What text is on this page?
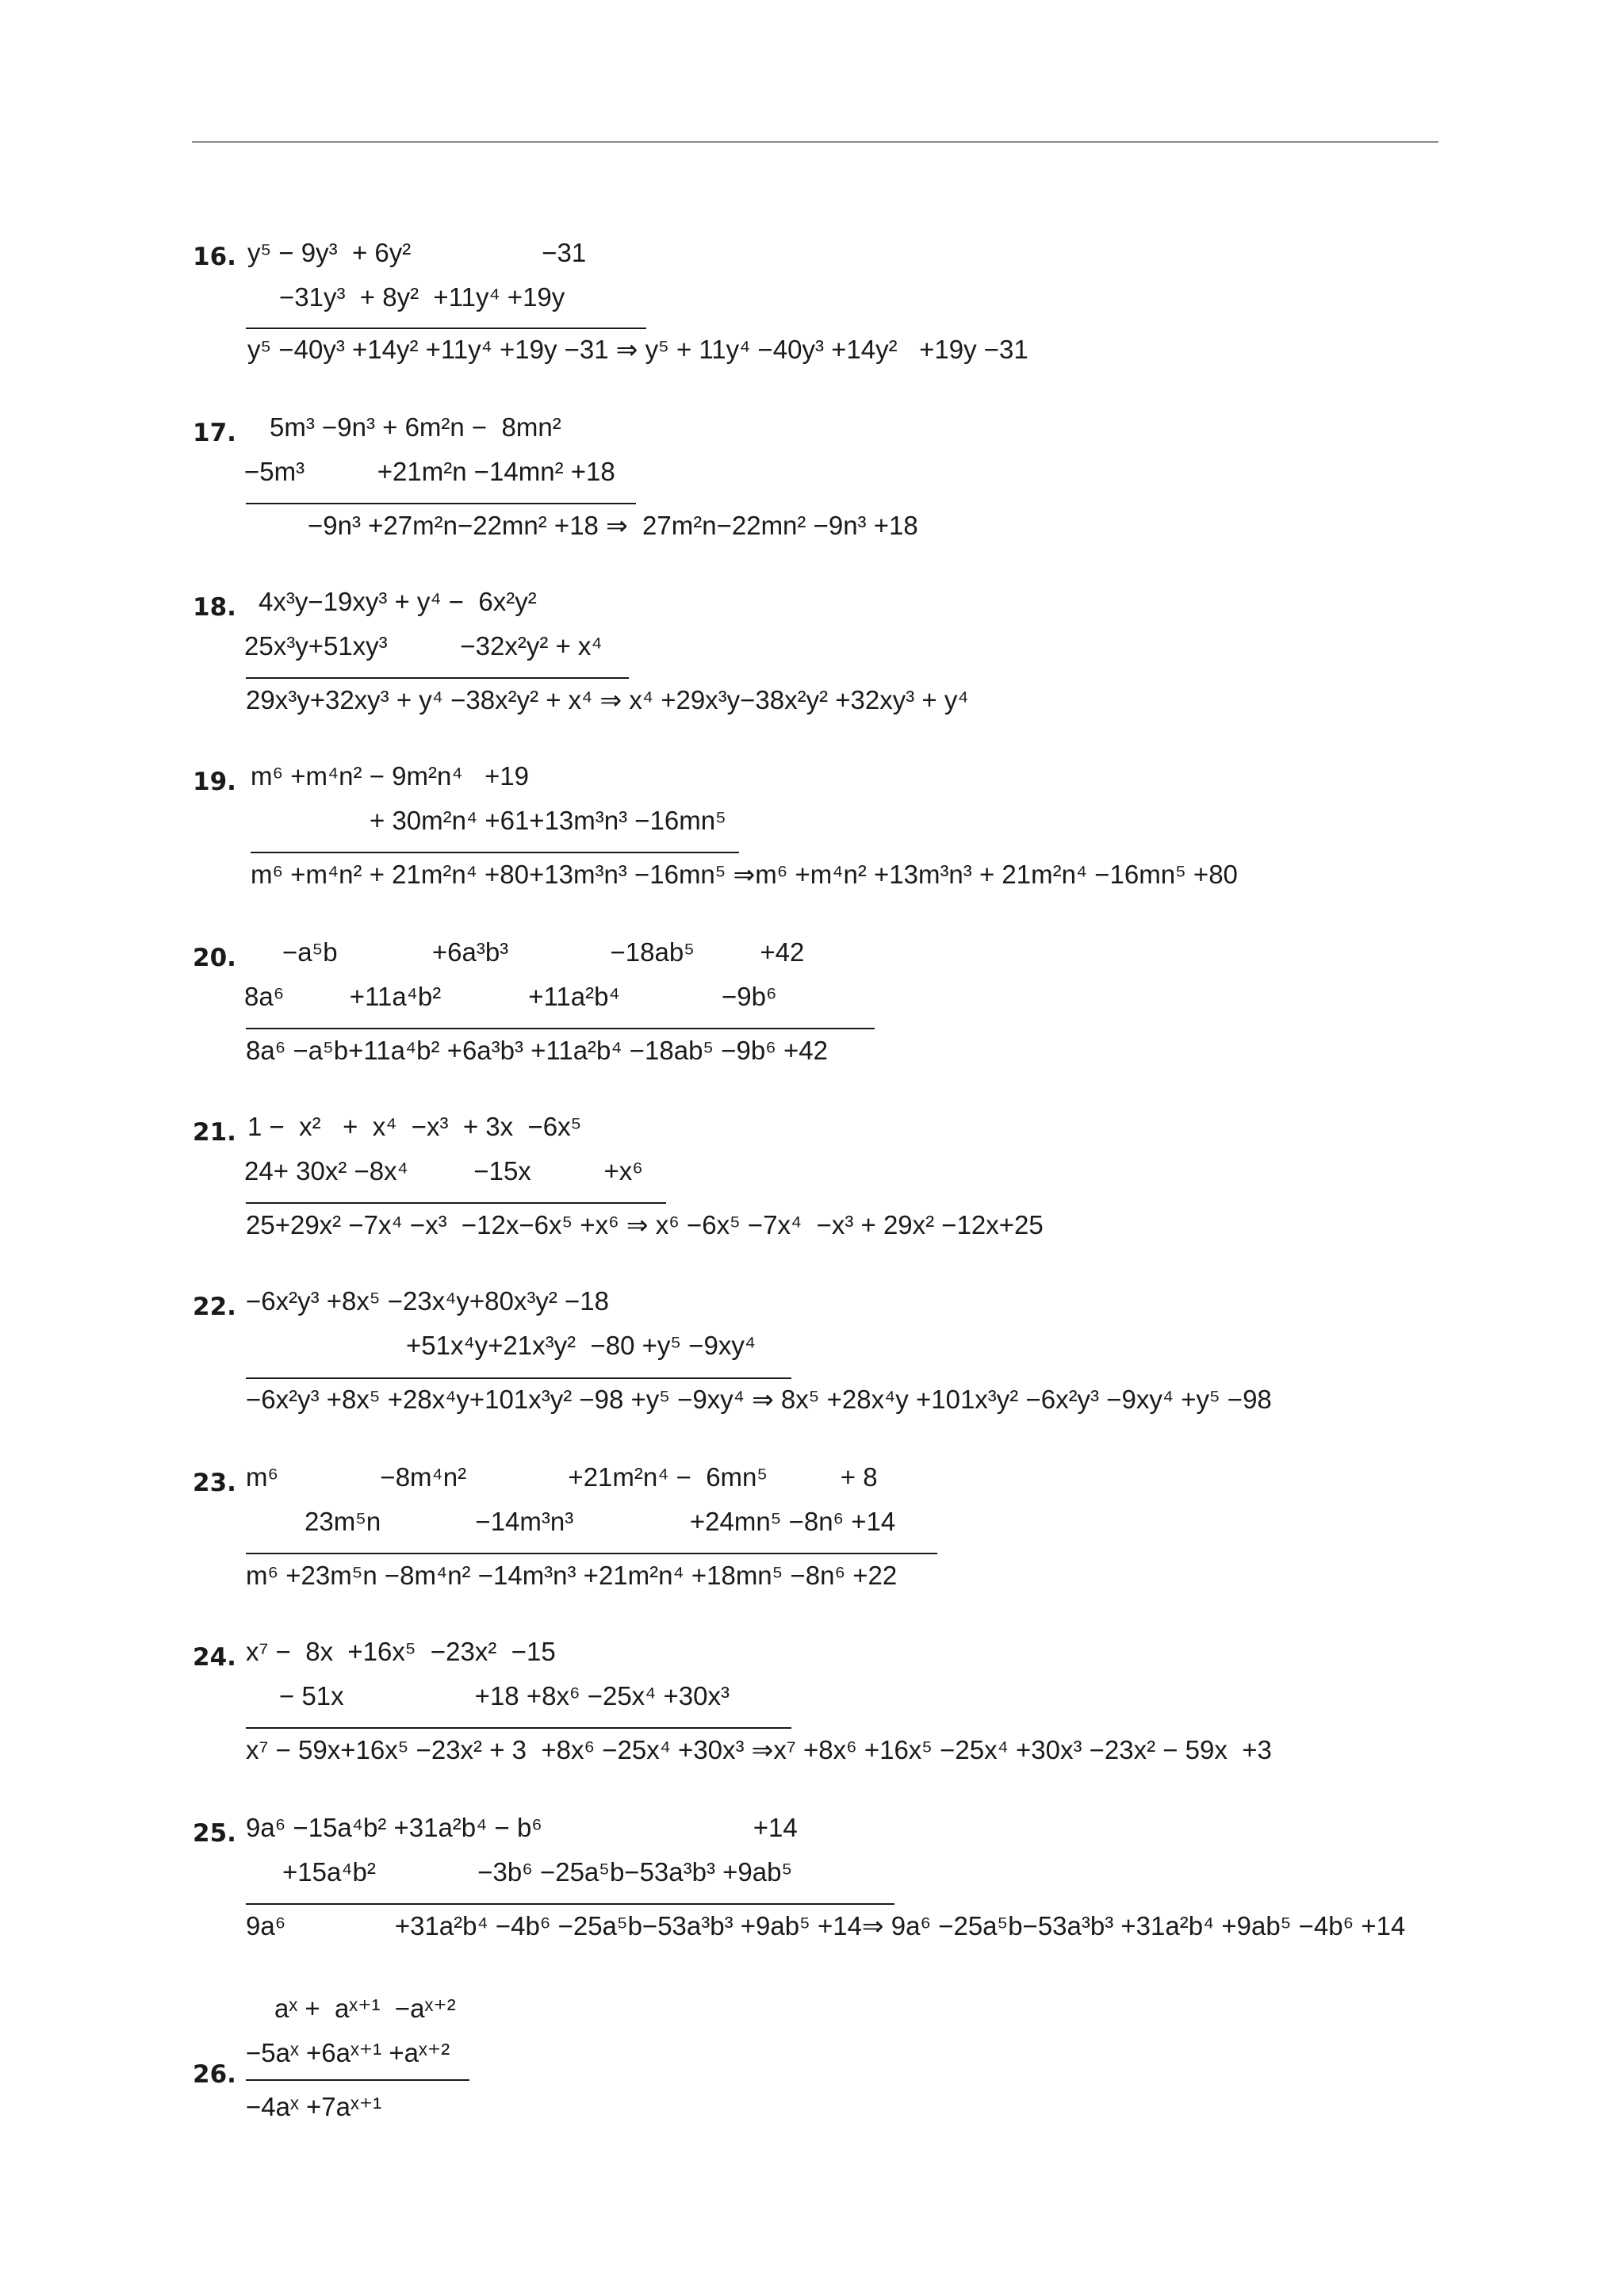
16. y⁵ − 9y³  + 6y²                  −31
−31y³  + 8y²  +11y⁴ +19y
y⁵ −40y³ +14y² +11y⁴ +19y −31 ⇒ y⁵ + 11y⁴ −40y³ +14y²   +19y −31
17. 5m³ −9n³ + 6m²n −  8mn²
−5m³          +21m²n −14mn² +18
−9n³ +27m²n−22mn² +18 ⇒  27m²n−22mn² −9n³ +18
18. 4x³y−19xy³ + y⁴ −  6x²y²
25x³y+51xy³          −32x²y² + x⁴
29x³y+32xy³ + y⁴ −38x²y² + x⁴ ⇒ x⁴ +29x³y−38x²y² +32xy³ + y⁴
19. m⁶ +m⁴n² − 9m²n⁴   +19
+ 30m²n⁴ +61+13m³n³ −16mn⁵
m⁶ +m⁴n² + 21m²n⁴ +80+13m³n³ −16mn⁵ ⇒m⁶ +m⁴n² +13m³n³ + 21m²n⁴ −16mn⁵ +80
20. −a⁵b             +6a³b³              −18ab⁵         +42
8a⁶         +11a⁴b²            +11a²b⁴              −9b⁶
8a⁶ −a⁵b+11a⁴b² +6a³b³ +11a²b⁴ −18ab⁵ −9b⁶ +42
21. 1 −  x²   +  x⁴  −x³  + 3x  −6x⁵
24+ 30x² −8x⁴         −15x          +x⁶
25+29x² −7x⁴ −x³  −12x−6x⁵ +x⁶ ⇒ x⁶ −6x⁵ −7x⁴  −x³ + 29x² −12x+25
22. −6x²y³ +8x⁵ −23x⁴y+80x³y² −18
+51x⁴y+21x³y²  −80 +y⁵ −9xy⁴
−6x²y³ +8x⁵ +28x⁴y+101x³y² −98 +y⁵ −9xy⁴ ⇒ 8x⁵ +28x⁴y +101x³y² −6x²y³ −9xy⁴ +y⁵ −98
23. m⁶              −8m⁴n²              +21m²n⁴ −  6mn⁵          + 8
23m⁵n             −14m³n³                +24mn⁵ −8n⁶ +14
m⁶ +23m⁵n −8m⁴n² −14m³n³ +21m²n⁴ +18mn⁵ −8n⁶ +22
24. x⁷ −  8x  +16x⁵  −23x²  −15
− 51x                  +18 +8x⁶ −25x⁴ +30x³
x⁷ − 59x+16x⁵ −23x² + 3  +8x⁶ −25x⁴ +30x³ ⇒x⁷ +8x⁶ +16x⁵ −25x⁴ +30x³ −23x² − 59x  +3
25. 9a⁶ −15a⁴b² +31a²b⁴ − b⁶                             +14
+15a⁴b²              −3b⁶ −25a⁵b−53a³b³ +9ab⁵
9a⁶               +31a²b⁴ −4b⁶ −25a⁵b−53a³b³ +9ab⁵ +14⇒ 9a⁶ −25a⁵b−53a³b³ +31a²b⁴ +9ab⁵ −4b⁶ +14
26.
aˣ +  aˣ⁺¹  −aˣ⁺²
−5aˣ +6aˣ⁺¹ +aˣ⁺²
−4aˣ +7aˣ⁺¹
